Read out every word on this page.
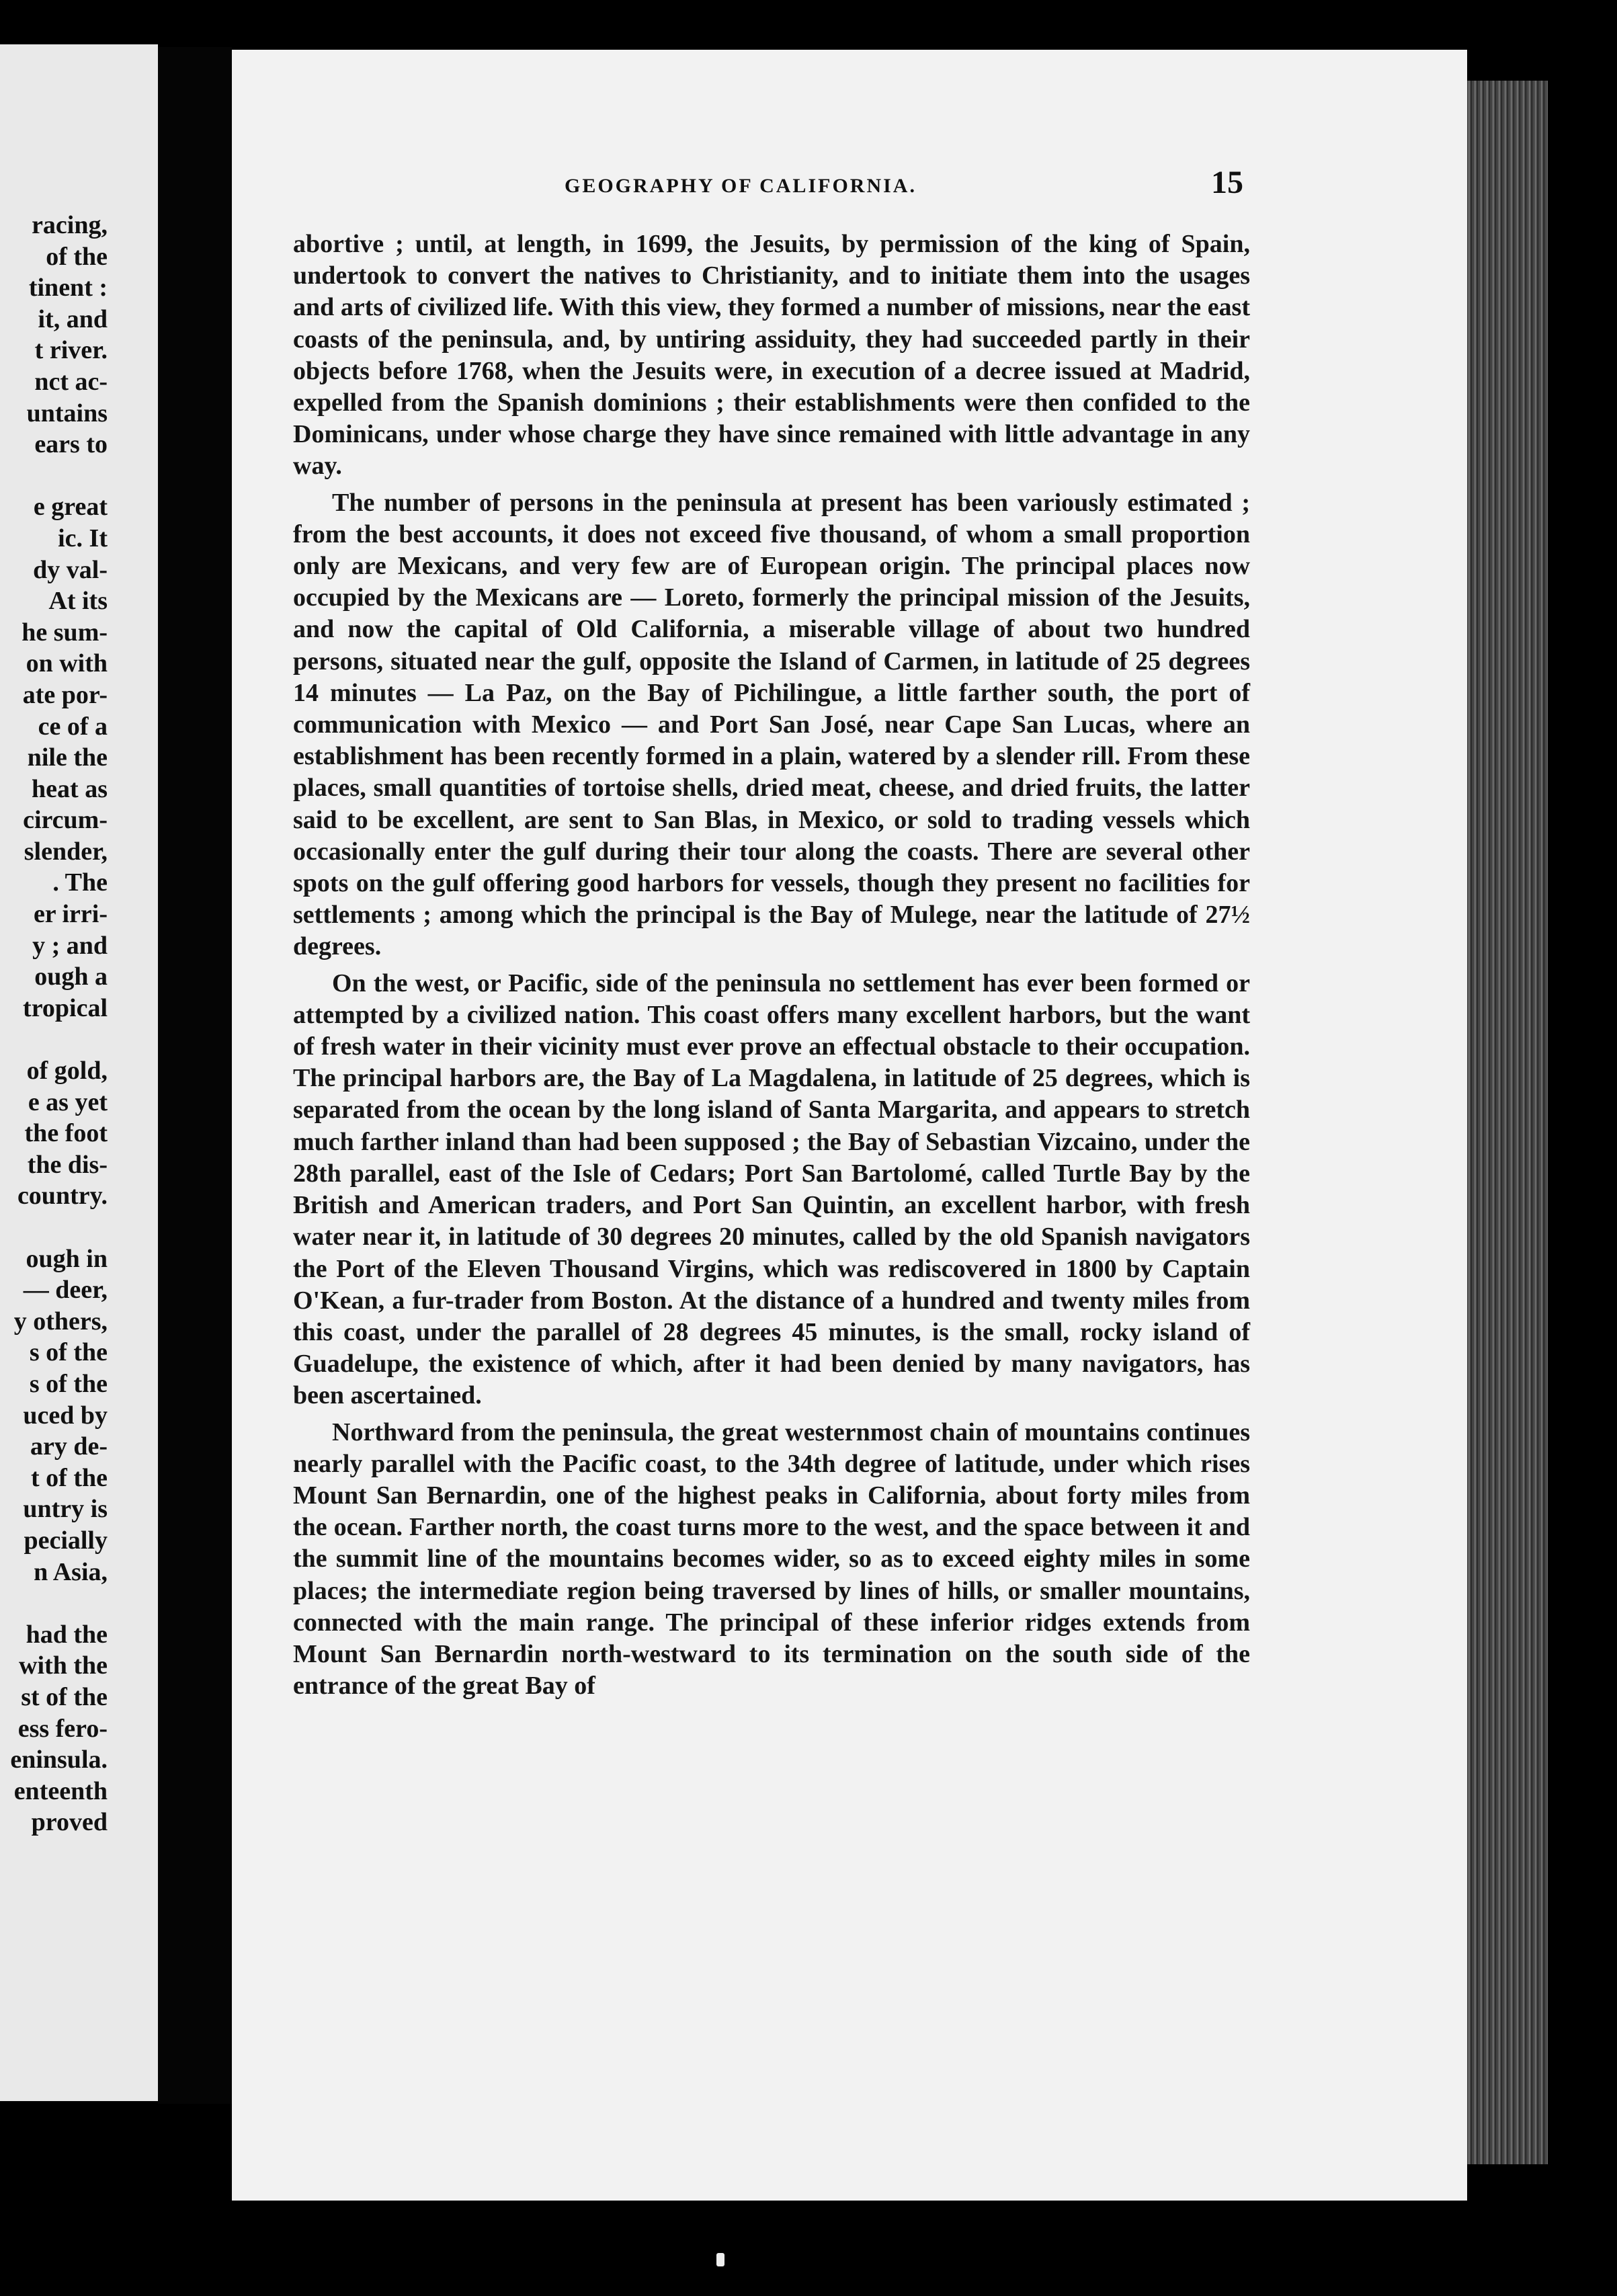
racing,
of the
tinent :
it, and
t river.
nct ac-
untains
ears to

e great
ic. It
dy val-
At its
he sum-
on with
ate por-
ce of a
nile the
heat as
circum-
slender,
. The
er irri-
y ; and
ough a
tropical

of gold,
e as yet
the foot
the dis-
country.

ough in
— deer,
y others,
s of the
s of the
uced by
ary de-
t of the
untry is
pecially
n Asia,

had the
with the
st of the
ess fero-
eninsula.
enteenth
proved
GEOGRAPHY OF CALIFORNIA.	15

abortive ; until, at length, in 1699, the Jesuits, by permission of the king of Spain, undertook to convert the natives to Christianity, and to initiate them into the usages and arts of civilized life. With this view, they formed a number of missions, near the east coasts of the peninsula, and, by untiring assiduity, they had succeeded partly in their objects before 1768, when the Jesuits were, in execution of a decree issued at Madrid, expelled from the Spanish dominions ; their establishments were then confided to the Dominicans, under whose charge they have since remained with little advantage in any way.

The number of persons in the peninsula at present has been variously estimated ; from the best accounts, it does not exceed five thousand, of whom a small proportion only are Mexicans, and very few are of European origin. The principal places now occupied by the Mexicans are — Loreto, formerly the principal mission of the Jesuits, and now the capital of Old California, a miserable village of about two hundred persons, situated near the gulf, opposite the Island of Carmen, in latitude of 25 degrees 14 minutes — La Paz, on the Bay of Pichilingue, a little farther south, the port of communication with Mexico — and Port San José, near Cape San Lucas, where an establishment has been recently formed in a plain, watered by a slender rill. From these places, small quantities of tortoise shells, dried meat, cheese, and dried fruits, the latter said to be excellent, are sent to San Blas, in Mexico, or sold to trading vessels which occasionally enter the gulf during their tour along the coasts. There are several other spots on the gulf offering good harbors for vessels, though they present no facilities for settlements ; among which the principal is the Bay of Mulege, near the latitude of 27½ degrees.

On the west, or Pacific, side of the peninsula no settlement has ever been formed or attempted by a civilized nation. This coast offers many excellent harbors, but the want of fresh water in their vicinity must ever prove an effectual obstacle to their occupation. The principal harbors are, the Bay of La Magdalena, in latitude of 25 degrees, which is separated from the ocean by the long island of Santa Margarita, and appears to stretch much farther inland than had been supposed ; the Bay of Sebastian Vizcaino, under the 28th parallel, east of the Isle of Cedars; Port San Bartolomé, called Turtle Bay by the British and American traders, and Port San Quintin, an excellent harbor, with fresh water near it, in latitude of 30 degrees 20 minutes, called by the old Spanish navigators the Port of the Eleven Thousand Virgins, which was rediscovered in 1800 by Captain O'Kean, a fur-trader from Boston. At the distance of a hundred and twenty miles from this coast, under the parallel of 28 degrees 45 minutes, is the small, rocky island of Guadelupe, the existence of which, after it had been denied by many navigators, has been ascertained.

Northward from the peninsula, the great westernmost chain of mountains continues nearly parallel with the Pacific coast, to the 34th degree of latitude, under which rises Mount San Bernardin, one of the highest peaks in California, about forty miles from the ocean. Farther north, the coast turns more to the west, and the space between it and the summit line of the mountains becomes wider, so as to exceed eighty miles in some places; the intermediate region being traversed by lines of hills, or smaller mountains, connected with the main range. The principal of these inferior ridges extends from Mount San Bernardin north-westward to its termination on the south side of the entrance of the great Bay of
